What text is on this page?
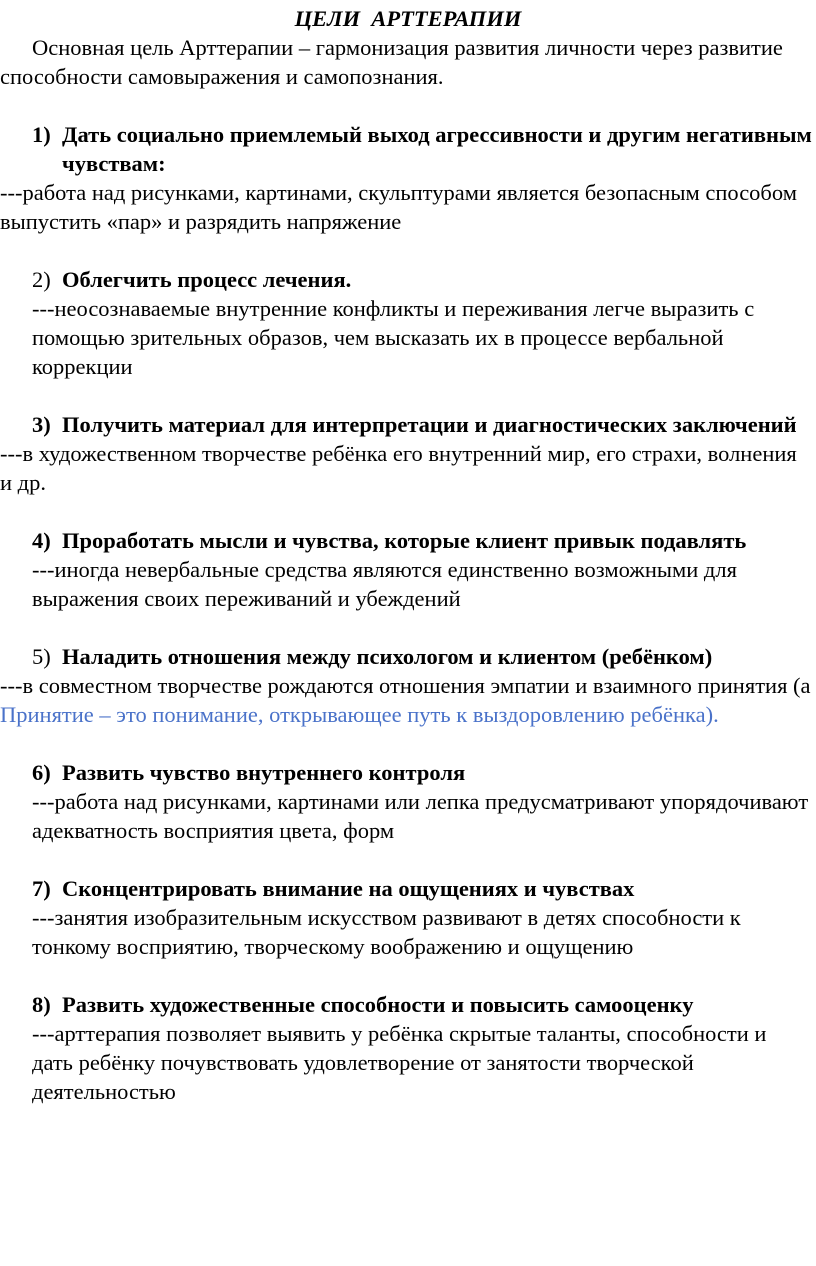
ЦЕЛИ  АРТТЕРАПИИ

Основная цель Арттерапии – гармонизация развития личности через развитие способности самовыражения и самопознания.

1) Дать социально приемлемый выход агрессивности и другим негативным чувствам:

---работа над рисунками, картинами, скульптурами является безопасным способом выпустить «пар» и разрядить напряжение

2) Облегчить процесс лечения.

---неосознаваемые внутренние конфликты и переживания легче выразить с помощью зрительных образов, чем высказать их в процессе вербальной коррекции

3) Получить материал для интерпретации и диагностических заключений

---в художественном творчестве ребёнка его внутренний мир, его страхи, волнения и др.

4) Проработать мысли и чувства, которые клиент привык подавлять

---иногда невербальные средства являются единственно возможными для выражения своих переживаний и убеждений

5) Наладить отношения между психологом и клиентом (ребёнком)

---в совместном творчестве рождаются отношения эмпатии и взаимного принятия (а Принятие – это понимание, открывающее путь к выздоровлению ребёнка).

6) Развить чувство внутреннего контроля

---работа над рисунками, картинами или лепка предусматривают упорядочивают адекватность восприятия цвета, форм

7) Сконцентрировать внимание на ощущениях и чувствах

---занятия изобразительным искусством развивают в детях способности к тонкому восприятию, творческому воображению и ощущению

8) Развить художественные способности и повысить самооценку

---арттерапия позволяет выявить у ребёнка скрытые таланты, способности и дать ребёнку почувствовать удовлетворение от занятости творческой деятельностью
